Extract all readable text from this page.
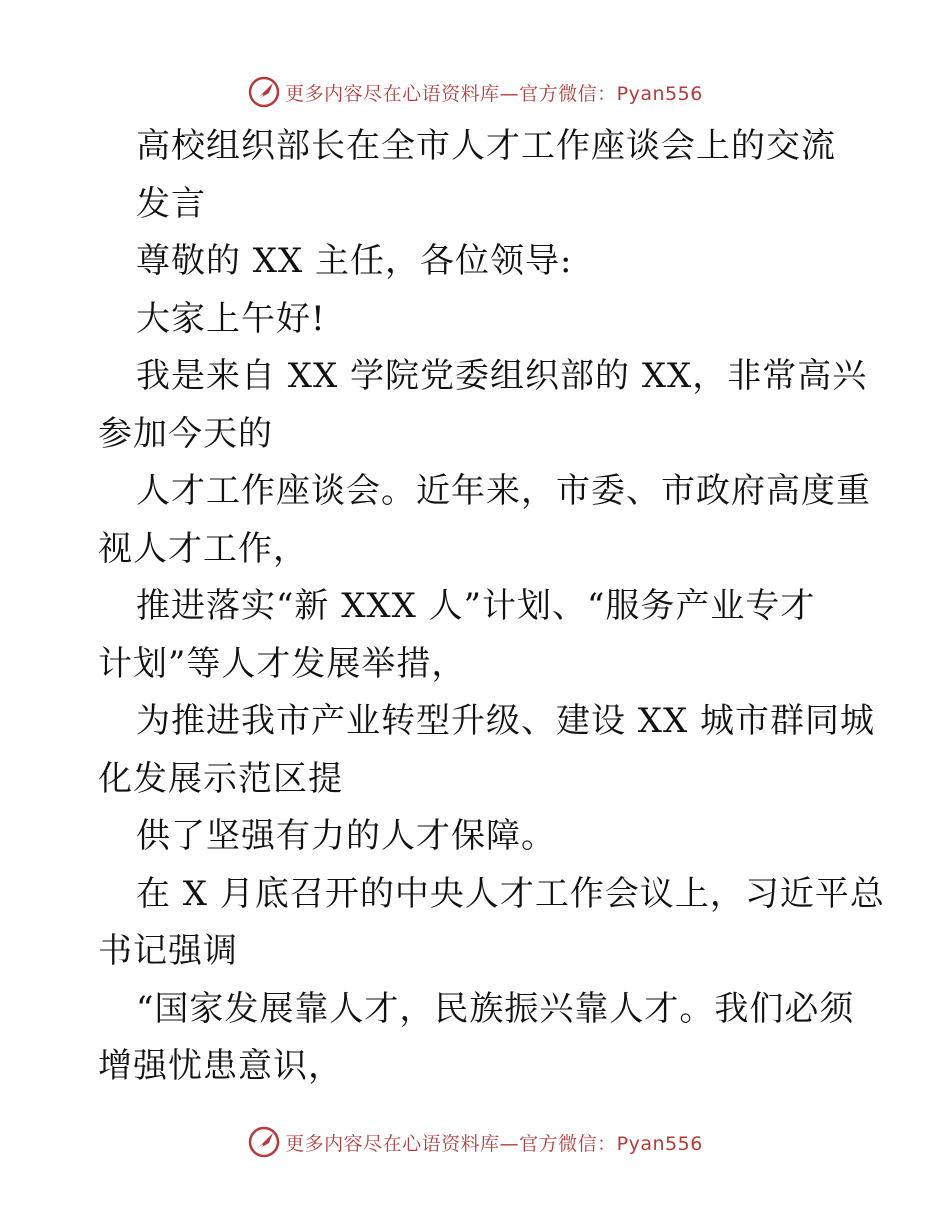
更多内容尽在心语资料库—官方微信：Pyan556
高校组织部长在全市人才工作座谈会上的交流
发言
尊敬的 XX 主任，各位领导:
大家上午好!
我是来自 XX 学院党委组织部的 XX，非常高兴
参加今天的
人才工作座谈会。近年来，市委、市政府高度重
视人才工作，
推进落实“新 XXX 人”计划、“服务产业专才
计划”等人才发展举措，
为推进我市产业转型升级、建设 XX 城市群同城
化发展示范区提
供了坚强有力的人才保障。
在 X 月底召开的中央人才工作会议上，习近平总
书记强调
“国家发展靠人才，民族振兴靠人才。我们必须
增强忧患意识，
更多内容尽在心语资料库—官方微信：Pyan556
